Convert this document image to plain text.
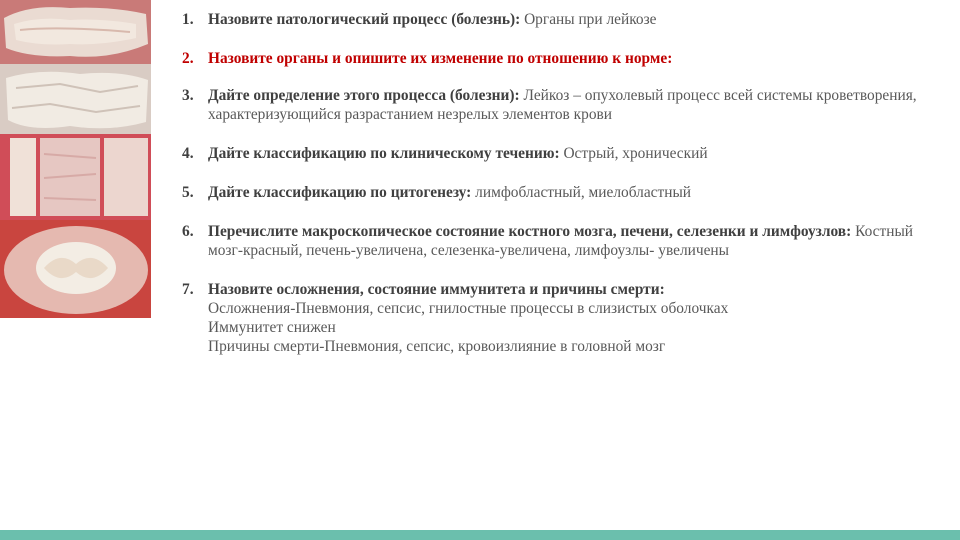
1. Назовите патологический процесс (болезнь): Органы при лейкозе
2. Назовите органы и опишите их изменение по отношению к норме:
3. Дайте определение этого процесса (болезни): Лейкоз – опухолевый процесс всей системы кроветворения, характеризующийся разрастанием незрелых элементов крови
4. Дайте классификацию по клиническому течению: Острый, хронический
5. Дайте классификацию по цитогенезу: лимфобластный, миелобластный
6. Перечислите макроскопическое состояние костного мозга, печени, селезенки и лимфоузлов: Костный мозг-красный, печень-увеличена, селезенка-увеличена, лимфоузлы- увеличены
7. Назовите осложнения, состояние иммунитета и причины смерти:
Осложнения-Пневмония, сепсис, гнилостные процессы в слизистых оболочках
Иммунитет снижен
Причины смерти-Пневмония, сепсис, кровоизлияние в головной мозг
